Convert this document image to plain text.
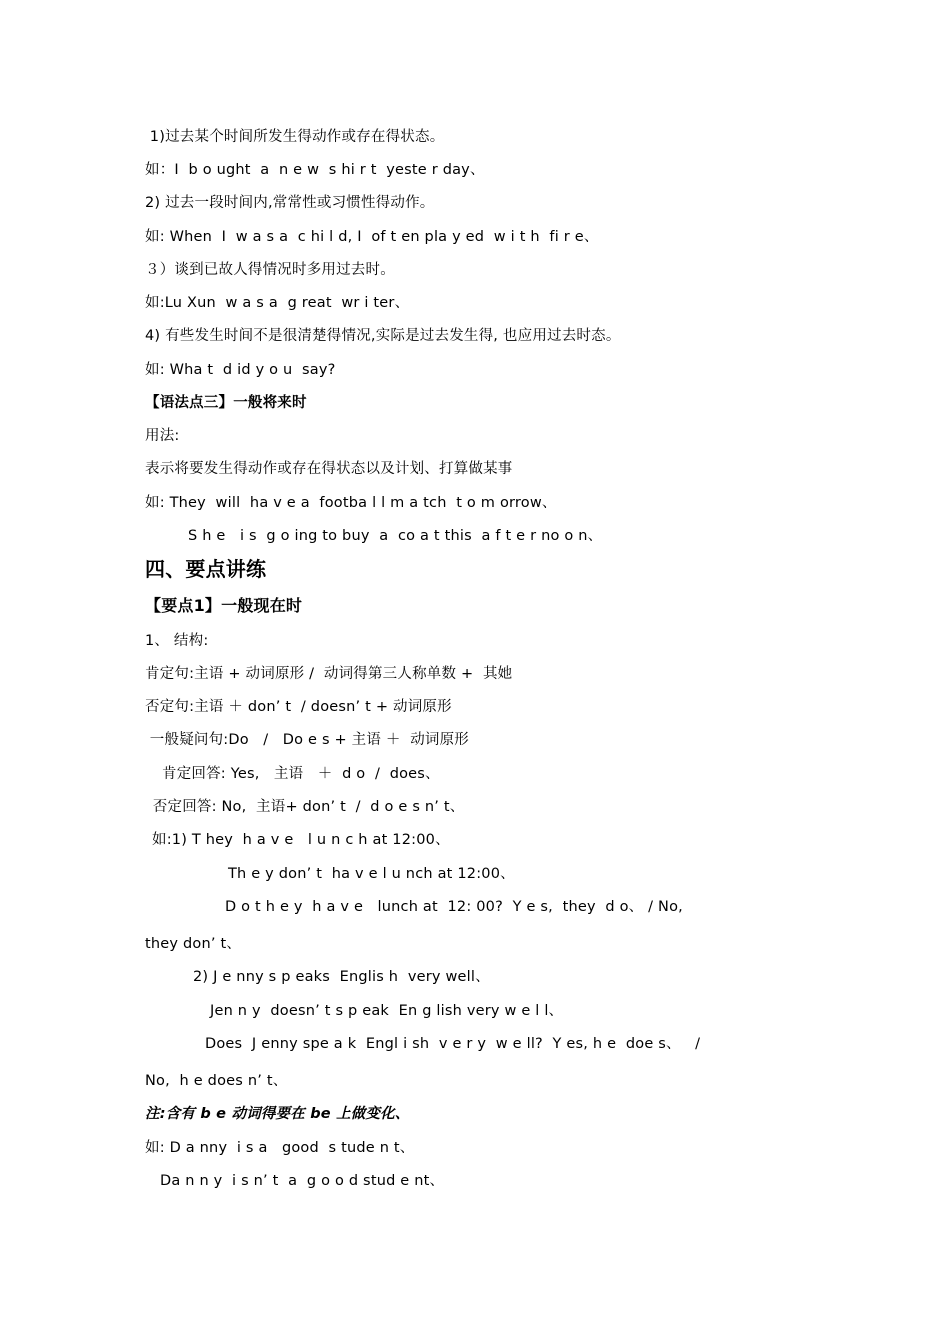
1)过去某个时间所发生得动作或存在得状态。
如：I  b o ught  a  n e w  s hi r t  yeste r day、
2) 过去一段时间内,常常性或习惯性得动作。
如: When  I  w a s a  c hi l d, I  of t en pla y ed  w i t h  fi r e、
３）谈到已故人得情况时多用过去时。
如:Lu Xun  w a s a  g reat  wr i ter、
4) 有些发生时间不是很清楚得情况,实际是过去发生得, 也应用过去时态。
如: Wha t  d id y o u  say?
【语法点三】一般将来时
用法:
表示将要发生得动作或存在得状态以及计划、打算做某事
如: They  will  ha v e a  footba l l m a tch  t o m orrow、
S h e   i s  g o ing to buy  a  co a t this  a f t e r no o n、
四、要点讲练
【要点1】一般现在时
1、 结构:
肯定句:主语 + 动词原形 /  动词得第三人称单数 +  其她
否定句:主语 ＋ don’ t  / doesn’ t + 动词原形
一般疑问句:Do   /   Do e s + 主语 ＋  动词原形
肯定回答: Yes,   主语   ＋  d o  /  does、
否定回答: No,  主语+ don’ t  /  d o e s n’ t、
如:1) T hey  h a v e   l u n c h at 12:00、
Th e y don’ t  ha v e l u nch at 12:00、
D o t h e y  h a v e   lunch at  12: 00?  Y e s,  they  d o、 / No,
they don’ t、
2) J e nny s p eaks  Englis h  very well、
Jen n y  doesn’ t s p eak  En g lish very w e l l、
Does  J enny spe a k  Engl i sh  v e r y  w e ll?  Y es, h e  doe s、   /
No,  h e does n’ t、
注:含有 b e 动词得要在 be 上做变化、
如: D a nny  i s a   good  s tude n t、
Da n n y  i s n’ t  a  g o o d stud e nt、
